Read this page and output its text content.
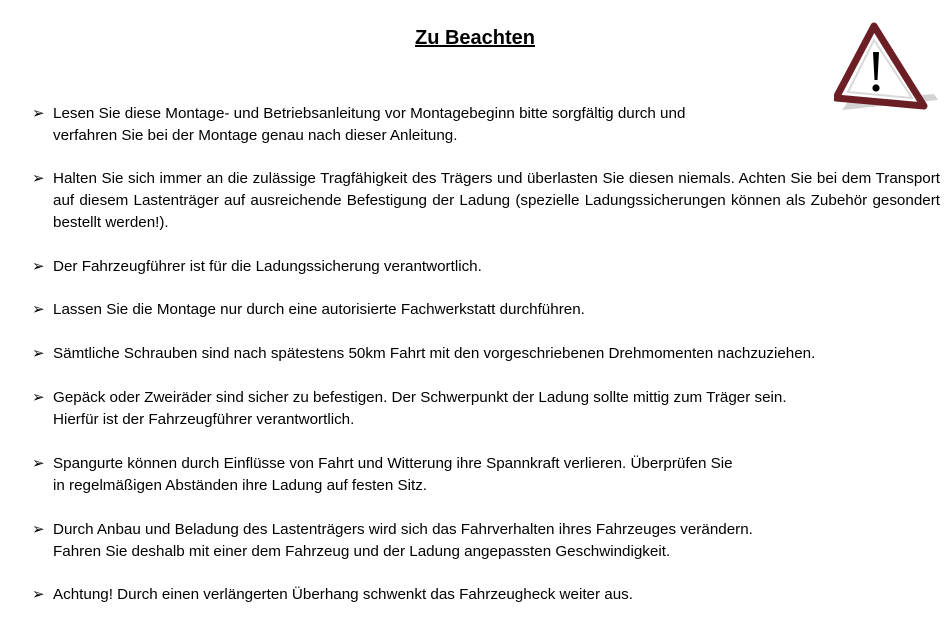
Zu Beachten
➢ Lesen Sie diese Montage- und Betriebsanleitung vor Montagebeginn bitte sorgfältig durch und
verfahren Sie bei der Montage genau nach dieser Anleitung.
➢ Halten Sie sich immer an die zulässige Tragfähigkeit des Trägers und überlasten Sie diesen niemals. Achten Sie bei dem Transport auf diesem Lastenträger auf ausreichende Befestigung der Ladung (spezielle Ladungssicherungen können als Zubehör gesondert bestellt werden!).
➢ Der Fahrzeugführer ist für die Ladungssicherung verantwortlich.
➢ Lassen Sie die Montage nur durch eine autorisierte Fachwerkstatt durchführen.
➢ Sämtliche Schrauben sind nach spätestens 50km Fahrt mit den vorgeschriebenen Drehmomenten nachzuziehen.
➢ Gepäck oder Zweiräder sind sicher zu befestigen. Der Schwerpunkt der Ladung sollte mittig zum Träger sein.
Hierfür ist der Fahrzeugführer verantwortlich.
➢ Spangurte können durch Einflüsse von Fahrt und Witterung ihre Spannkraft verlieren. Überprüfen Sie
in regelmäßigen Abständen ihre Ladung auf festen Sitz.
➢ Durch Anbau und Beladung des Lastenträgers wird sich das Fahrverhalten ihres Fahrzeuges verändern.
Fahren Sie deshalb mit einer dem Fahrzeug und der Ladung angepassten Geschwindigkeit.
➢ Achtung! Durch einen verlängerten Überhang schwenkt das Fahrzeugheck weiter aus.
